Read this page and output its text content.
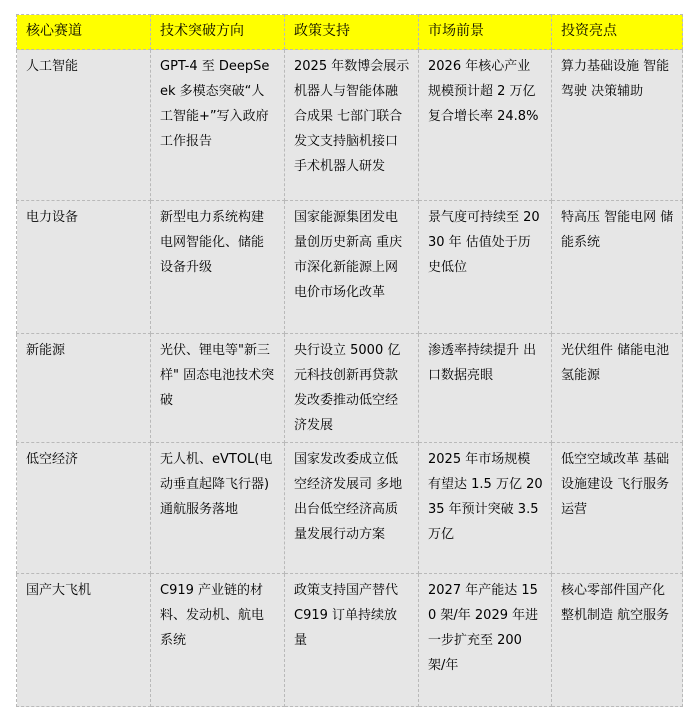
核心赛道	技术突破方向	政策支持	市场前景	投资亮点
人工智能	GPT-4 至 DeepSeek 多模态突破“人工智能+”写入政府工作报告	2025 年数博会展示机器人与智能体融合成果 七部门联合发文支持脑机接口手术机器人研发	2026 年核心产业规模预计超 2 万亿 复合增长率 24.8%	算力基础设施 智能驾驶 决策辅助
电力设备	新型电力系统构建 电网智能化、储能设备升级	国家能源集团发电量创历史新高 重庆市深化新能源上网电价市场化改革	景气度可持续至 2030 年 估值处于历史低位	特高压 智能电网 储能系统
新能源	光伏、锂电等"新三样" 固态电池技术突破	央行设立 5000 亿元科技创新再贷款 发改委推动低空经济发展	渗透率持续提升 出口数据亮眼	光伏组件 储能电池 氢能源
低空经济	无人机、eVTOL(电动垂直起降飞行器) 通航服务落地	国家发改委成立低空经济发展司 多地出台低空经济高质量发展行动方案	2025 年市场规模有望达 1.5 万亿 2035 年预计突破 3.5 万亿	低空空域改革 基础设施建设 飞行服务运营
国产大飞机	C919 产业链的材料、发动机、航电系统	政策支持国产替代 C919 订单持续放量	2027 年产能达 150 架/年 2029 年进一步扩充至 200 架/年	核心零部件国产化 整机制造 航空服务
